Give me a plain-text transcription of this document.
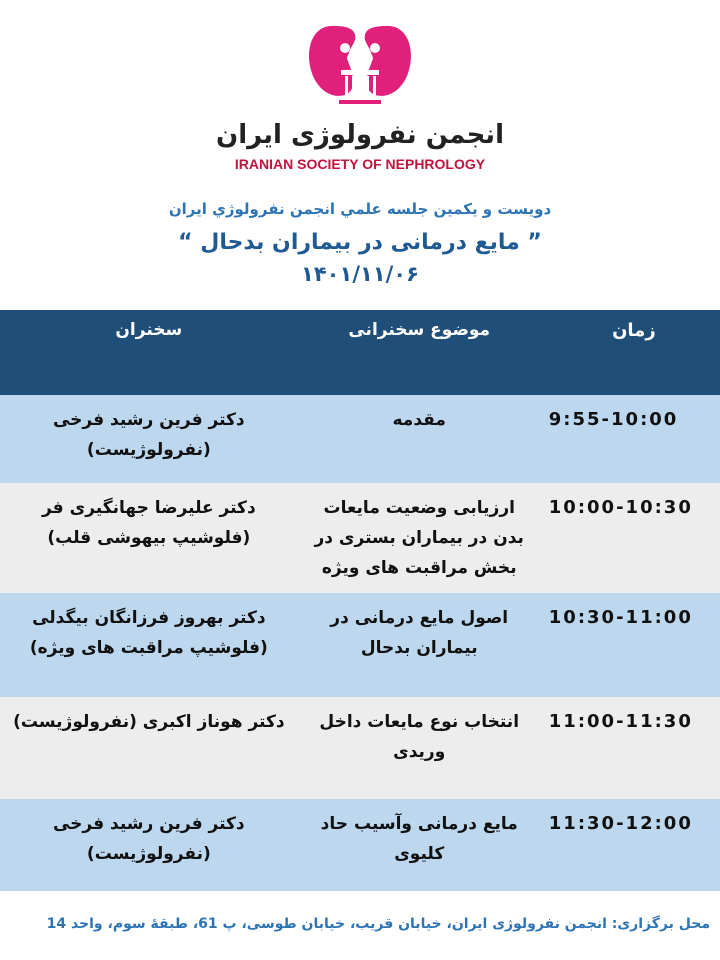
انجمن نفرولوژی ایران
IRANIAN SOCIETY OF NEPHROLOGY
دویست و یکمین جلسه علمي انجمن نفرولوژي ایران
” مایع درمانی در بیماران بدحال “
۱۴۰۱/۱۱/۰۶
زمان	موضوع سخنرانی	سخنران
9:55-10:00	مقدمه	دکتر فرین رشید فرخی (نفرولوژیست)
10:00-10:30	ارزیابی وضعیت مایعات بدن در بیماران بستری در بخش مراقبت های ویژه	دکتر علیرضا جهانگیری فر (فلوشیپ بیهوشی قلب)
10:30-11:00	اصول مایع درمانی در بیماران بدحال	دکتر بهروز فرزانگان بیگدلی (فلوشیپ مراقبت های ویژه)
11:00-11:30	انتخاب نوع مایعات داخل وریدی	دکتر هوناز اکبری (نفرولوژیست)
11:30-12:00	مایع درمانی وآسیب حاد کلیوی	دکتر فرین رشید فرخی (نفرولوژیست)
محل برگزاری: انجمن نفرولوژی ایران، خیابان قریب، خیابان طوسی، پ 61، طبقۀ سوم، واحد 14
